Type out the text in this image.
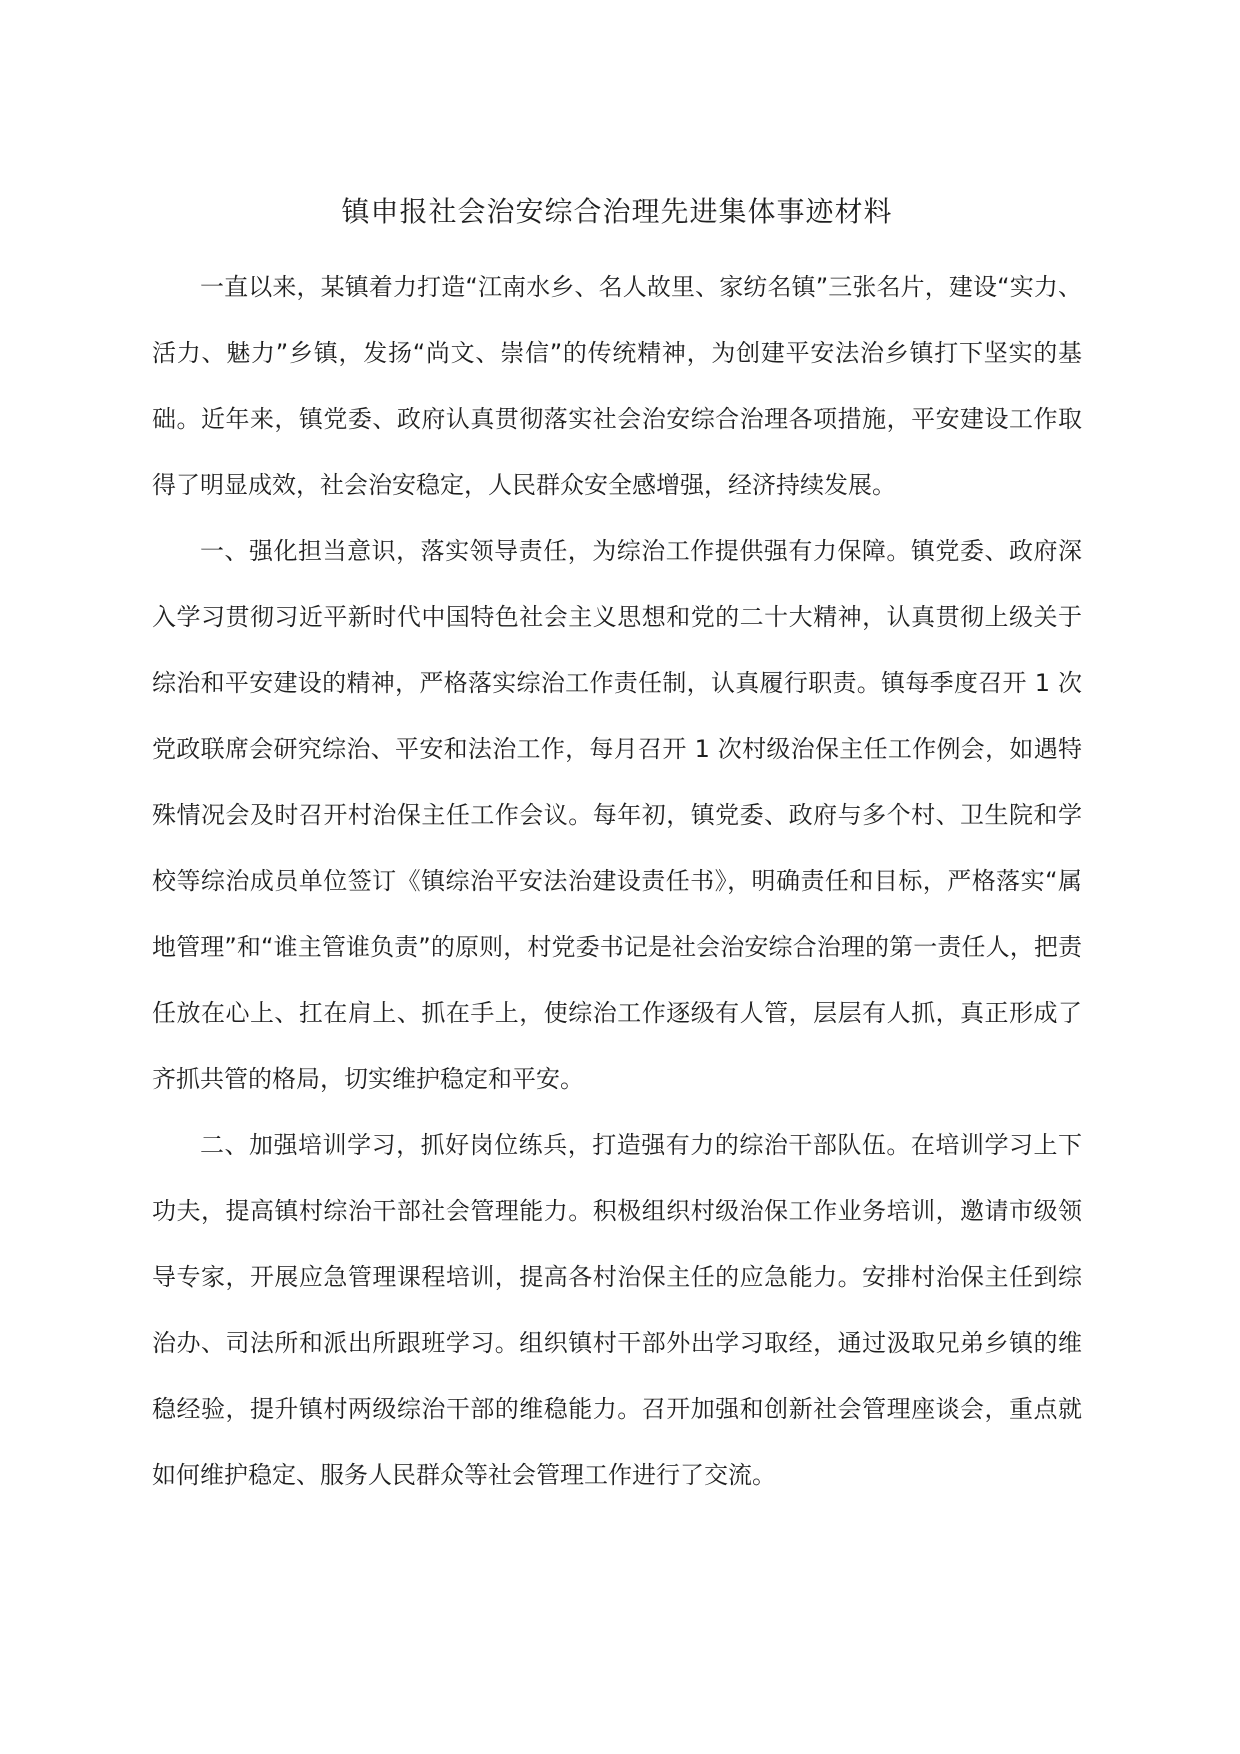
镇申报社会治安综合治理先进集体事迹材料

一直以来，某镇着力打造“江南水乡、名人故里、家纺名镇”三张名片，建设“实力、活力、魅力”乡镇，发扬“尚文、崇信”的传统精神，为创建平安法治乡镇打下坚实的基础。近年来，镇党委、政府认真贯彻落实社会治安综合治理各项措施，平安建设工作取得了明显成效，社会治安稳定，人民群众安全感增强，经济持续发展。

一、强化担当意识，落实领导责任，为综治工作提供强有力保障。镇党委、政府深入学习贯彻习近平新时代中国特色社会主义思想和党的二十大精神，认真贯彻上级关于综治和平安建设的精神，严格落实综治工作责任制，认真履行职责。镇每季度召开 1 次党政联席会研究综治、平安和法治工作，每月召开 1 次村级治保主任工作例会，如遇特殊情况会及时召开村治保主任工作会议。每年初，镇党委、政府与多个村、卫生院和学校等综治成员单位签订《镇综治平安法治建设责任书》，明确责任和目标，严格落实“属地管理”和“谁主管谁负责”的原则，村党委书记是社会治安综合治理的第一责任人，把责任放在心上、扛在肩上、抓在手上，使综治工作逐级有人管，层层有人抓，真正形成了齐抓共管的格局，切实维护稳定和平安。

二、加强培训学习，抓好岗位练兵，打造强有力的综治干部队伍。在培训学习上下功夫，提高镇村综治干部社会管理能力。积极组织村级治保工作业务培训，邀请市级领导专家，开展应急管理课程培训，提高各村治保主任的应急能力。安排村治保主任到综治办、司法所和派出所跟班学习。组织镇村干部外出学习取经，通过汲取兄弟乡镇的维稳经验，提升镇村两级综治干部的维稳能力。召开加强和创新社会管理座谈会，重点就如何维护稳定、服务人民群众等社会管理工作进行了交流。
